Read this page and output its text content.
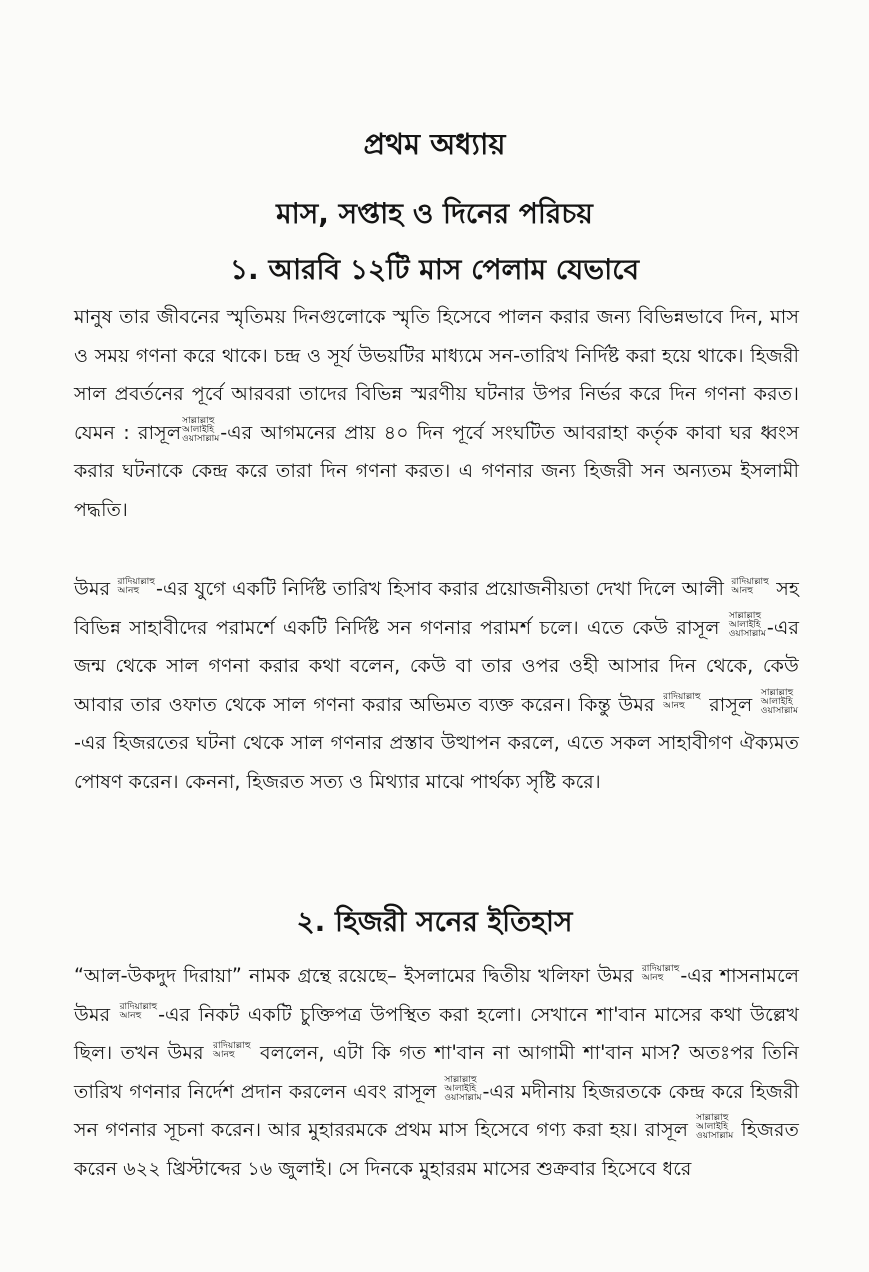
প্রথম অধ্যায়
মাস, সপ্তাহ ও দিনের পরিচয়
১. আরবি ১২টি মাস পেলাম যেভাবে

মানুষ তার জীবনের স্মৃতিময় দিনগুলোকে স্মৃতি হিসেবে পালন করার জন্য বিভিন্নভাবে দিন, মাস ও সময় গণনা করে থাকে। চন্দ্র ও সূর্য উভয়টির মাধ্যমে সন-তারিখ নির্দিষ্ট করা হয়ে থাকে। হিজরী সাল প্রবর্তনের পূর্বে আরবরা তাদের বিভিন্ন স্মরণীয় ঘটনার উপর নির্ভর করে দিন গণনা করত। যেমন : রাসূল সাল্লাল্লাহু
আলাইহি
ওয়াসাল্লাম -এর আগমনের প্রায় ৪০ দিন পূর্বে সংঘটিত আবরাহা কর্তৃক কাবা ঘর ধ্বংস করার ঘটনাকে কেন্দ্র করে তারা দিন গণনা করত। এ গণনার জন্য হিজরী সন অন্যতম ইসলামী পদ্ধতি।

উমর রাদিয়াল্লাহু
আনহু -এর যুগে একটি নির্দিষ্ট তারিখ হিসাব করার প্রয়োজনীয়তা দেখা দিলে আলী রাদিয়াল্লাহু
আনহু	সহ বিভিন্ন সাহাবীদের পরামর্শে একটি নির্দিষ্ট সন গণনার পরামর্শ চলে। এতে কেউ রাসূল সাল্লাল্লাহু
আলাইহি
ওয়াসাল্লাম -এর জন্ম থেকে সাল গণনা করার কথা বলেন, কেউ বা তার ওপর ওহী আসার দিন থেকে, কেউ আবার তার ওফাত থেকে সাল গণনা করার অভিমত ব্যক্ত করেন। কিন্তু উমর রাদিয়াল্লাহু
আনহু	রাসূল সাল্লাল্লাহু
আলাইহি
ওয়াসাল্লাম
-এর হিজরতের ঘটনা থেকে সাল গণনার প্রস্তাব উত্থাপন করলে, এতে সকল সাহাবীগণ ঐক্যমত পোষণ করেন। কেননা, হিজরত সত্য ও মিথ্যার মাঝে পার্থক্য সৃষ্টি করে।

২. হিজরী সনের ইতিহাস

“আল-উকদুদ দিরায়া” নামক গ্রন্থে রয়েছে– ইসলামের দ্বিতীয় খলিফা উমর রাদিয়াল্লাহু
আনহু -এর শাসনামলে উমর রাদিয়াল্লাহু
আনহু -এর নিকট একটি চুক্তিপত্র উপস্থিত করা হলো। সেখানে শা'বান মাসের কথা উল্লেখ ছিল। তখন উমর রাদিয়াল্লাহু
আনহু	বললেন, এটা কি গত শা'বান না আগামী শা'বান মাস? অতঃপর তিনি তারিখ গণনার নির্দেশ প্রদান করলেন এবং রাসূল সাল্লাল্লাহু
আলাইহি
ওয়াসাল্লাম -এর মদীনায় হিজরতকে কেন্দ্র করে হিজরী সন গণনার সূচনা করেন। আর মুহাররমকে প্রথম মাস হিসেবে গণ্য করা হয়। রাসূল সাল্লাল্লাহু
আলাইহি
ওয়াসাল্লাম হিজরত করেন ৬২২ খ্রিস্টাব্দের ১৬ জুলাই। সে দিনকে মুহাররম মাসের শুক্রবার হিসেবে ধরে
